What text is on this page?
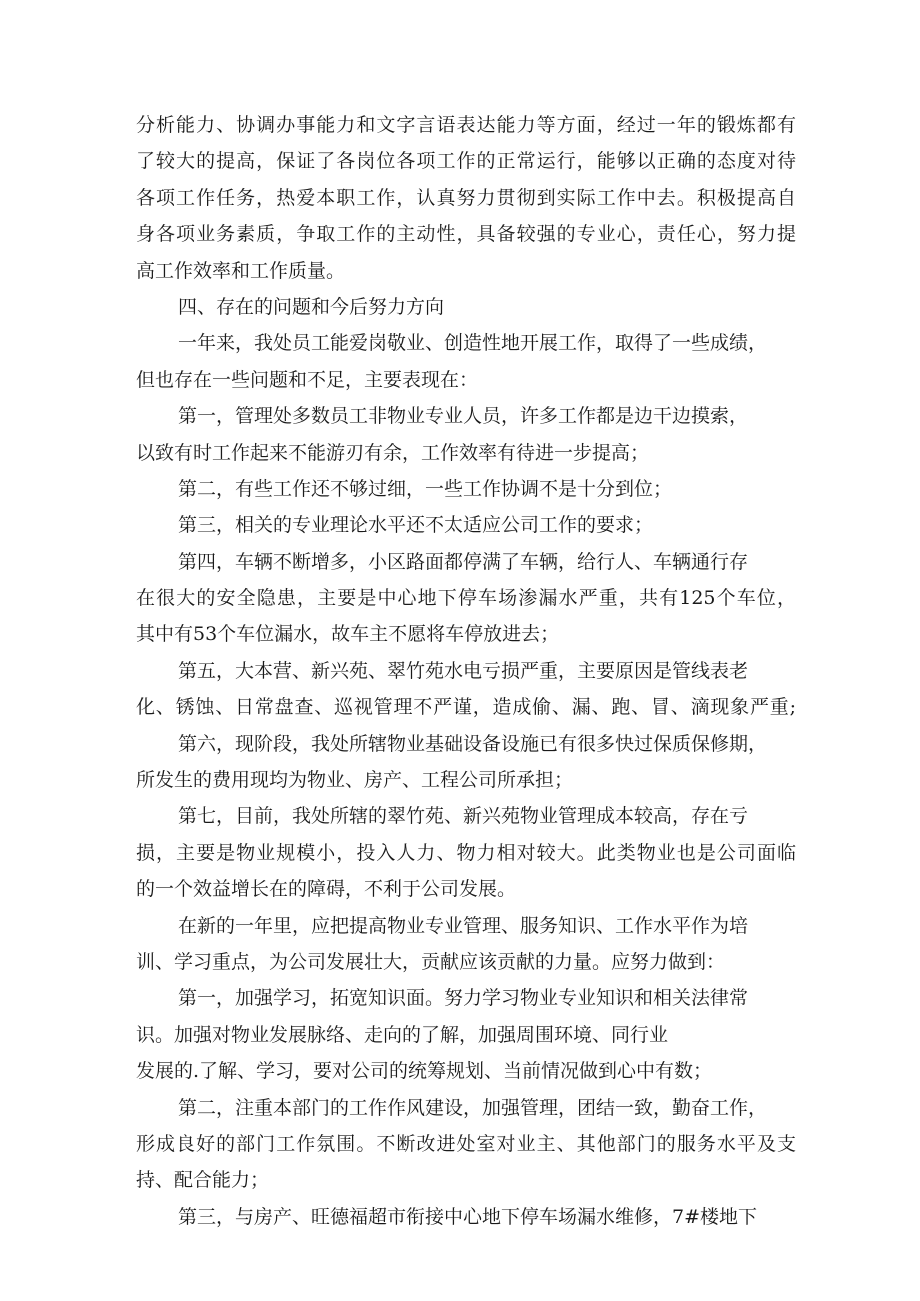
分析能力、协调办事能力和文字言语表达能力等方面，经过一年的锻炼都有
了较大的提高，保证了各岗位各项工作的正常运行，能够以正确的态度对待
各项工作任务，热爱本职工作，认真努力贯彻到实际工作中去。积极提高自
身各项业务素质，争取工作的主动性，具备较强的专业心，责任心，努力提
高工作效率和工作质量。
四、存在的问题和今后努力方向
一年来，我处员工能爱岗敬业、创造性地开展工作，取得了一些成绩，
但也存在一些问题和不足，主要表现在：
第一，管理处多数员工非物业专业人员，许多工作都是边干边摸索，
以致有时工作起来不能游刃有余，工作效率有待进一步提高；
第二，有些工作还不够过细，一些工作协调不是十分到位；
第三，相关的专业理论水平还不太适应公司工作的要求；
第四，车辆不断增多，小区路面都停满了车辆，给行人、车辆通行存
在很大的安全隐患，主要是中心地下停车场渗漏水严重，共有125个车位，
其中有53个车位漏水，故车主不愿将车停放进去；
第五，大本营、新兴苑、翠竹苑水电亏损严重，主要原因是管线表老
化、锈蚀、日常盘查、巡视管理不严谨，造成偷、漏、跑、冒、滴现象严重;
第六，现阶段，我处所辖物业基础设备设施已有很多快过保质保修期，
所发生的费用现均为物业、房产、工程公司所承担；
第七，目前，我处所辖的翠竹苑、新兴苑物业管理成本较高，存在亏
损，主要是物业规模小，投入人力、物力相对较大。此类物业也是公司面临
的一个效益增长在的障碍，不利于公司发展。
在新的一年里，应把提高物业专业管理、服务知识、工作水平作为培
训、学习重点，为公司发展壮大，贡献应该贡献的力量。应努力做到：
第一，加强学习，拓宽知识面。努力学习物业专业知识和相关法律常
识。加强对物业发展脉络、走向的了解，加强周围环境、同行业
发展的.了解、学习，要对公司的统筹规划、当前情况做到心中有数；
第二，注重本部门的工作作风建设，加强管理，团结一致，勤奋工作，
形成良好的部门工作氛围。不断改进处室对业主、其他部门的服务水平及支
持、配合能力；
第三，与房产、旺德福超市衔接中心地下停车场漏水维修，7#楼地下
